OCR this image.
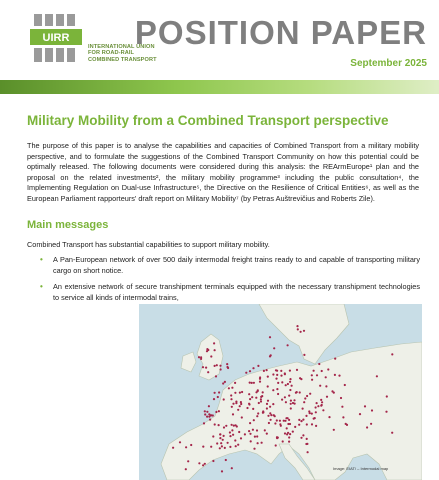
UIRR
INTERNATIONAL UNION
FOR ROAD-RAIL
COMBINED TRANSPORT
POSITION PAPER
September 2025
Military Mobility from a Combined Transport perspective
The purpose of this paper is to analyse the capabilities and capacities of Combined Transport from a military mobility perspective, and to formulate the suggestions of the Combined Transport Community on how this potential could be optimally released. The following documents were considered during this analysis: the REArmEurope¹ plan and the proposal on the related investments², the military mobility programme³ including the public consultation⁴, the Implementing Regulation on Dual-use Infrastructure⁵, the Directive on the Resilience of Critical Entities⁶, as well as the European Parliament rapporteurs' draft report on Military Mobility⁷ (by Petras Auštrevičius and Roberts Zile).
Main messages
Combined Transport has substantial capabilities to support military mobility.
• A Pan-European network of over 500 daily intermodal freight trains ready to and capable of transporting military cargo on short notice.
• An extensive network of secure transhipment terminals equipped with the necessary transhipment technologies to service all kinds of intermodal trains,
Image: EIAT/ – Intermodal map
